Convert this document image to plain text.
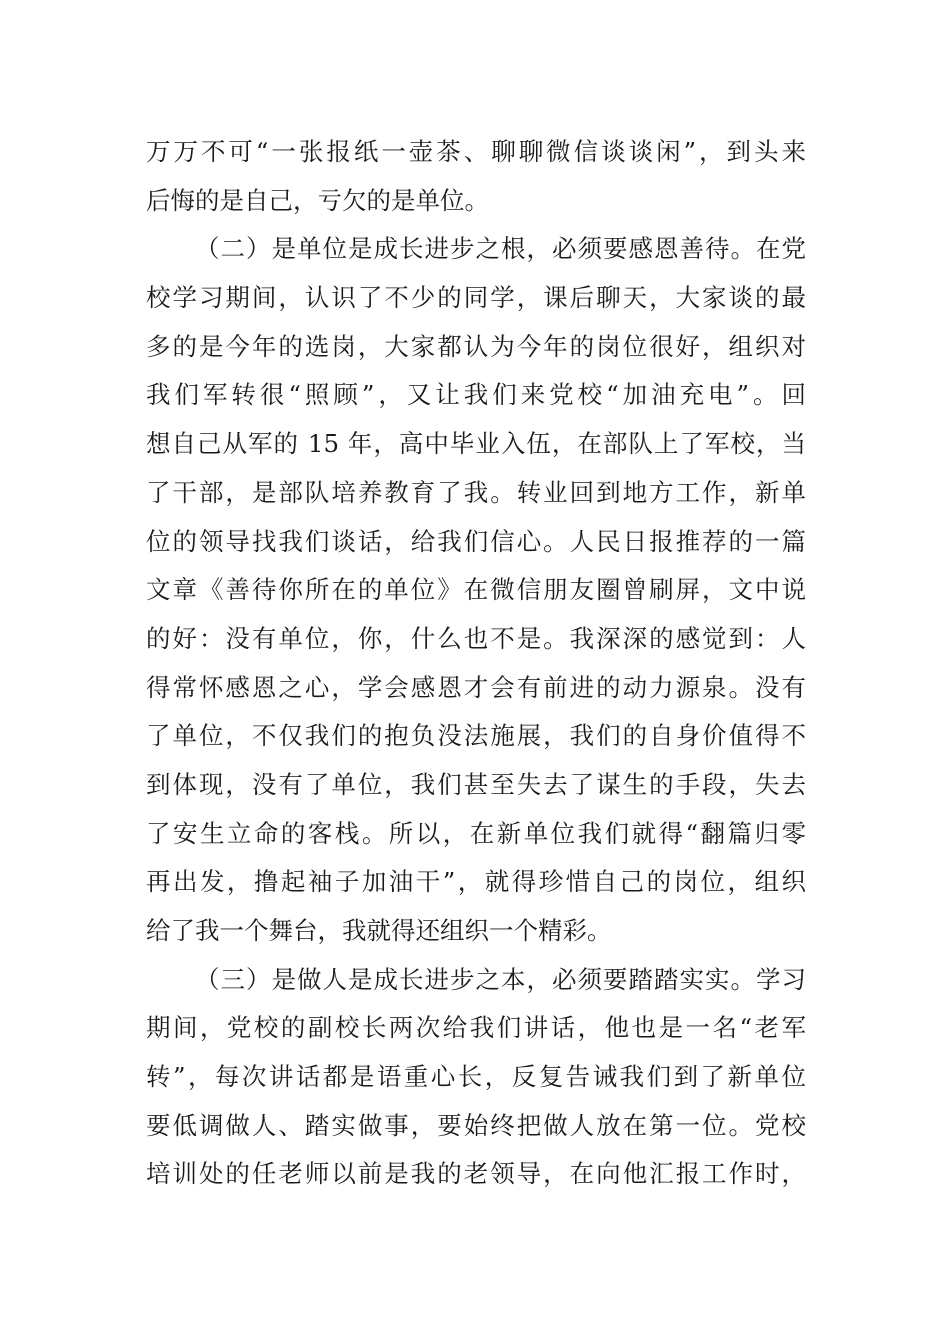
万万不可“一张报纸一壶茶、聊聊微信谈谈闲”，到头来
后悔的是自己，亏欠的是单位。
（二）是单位是成长进步之根，必须要感恩善待。在党
校学习期间，认识了不少的同学，课后聊天，大家谈的最
多的是今年的选岗，大家都认为今年的岗位很好，组织对
我们军转很“照顾”，又让我们来党校“加油充电”。回
想自己从军的 15 年，高中毕业入伍，在部队上了军校，当
了干部，是部队培养教育了我。转业回到地方工作，新单
位的领导找我们谈话，给我们信心。人民日报推荐的一篇
文章《善待你所在的单位》在微信朋友圈曾刷屏，文中说
的好：没有单位，你，什么也不是。我深深的感觉到：人
得常怀感恩之心，学会感恩才会有前进的动力源泉。没有
了单位，不仅我们的抱负没法施展，我们的自身价值得不
到体现，没有了单位，我们甚至失去了谋生的手段，失去
了安生立命的客栈。所以，在新单位我们就得“翻篇归零
再出发，撸起袖子加油干”，就得珍惜自己的岗位，组织
给了我一个舞台，我就得还组织一个精彩。
（三）是做人是成长进步之本，必须要踏踏实实。学习
期间，党校的副校长两次给我们讲话，他也是一名“老军
转”，每次讲话都是语重心长，反复告诫我们到了新单位
要低调做人、踏实做事，要始终把做人放在第一位。党校
培训处的任老师以前是我的老领导，在向他汇报工作时，
